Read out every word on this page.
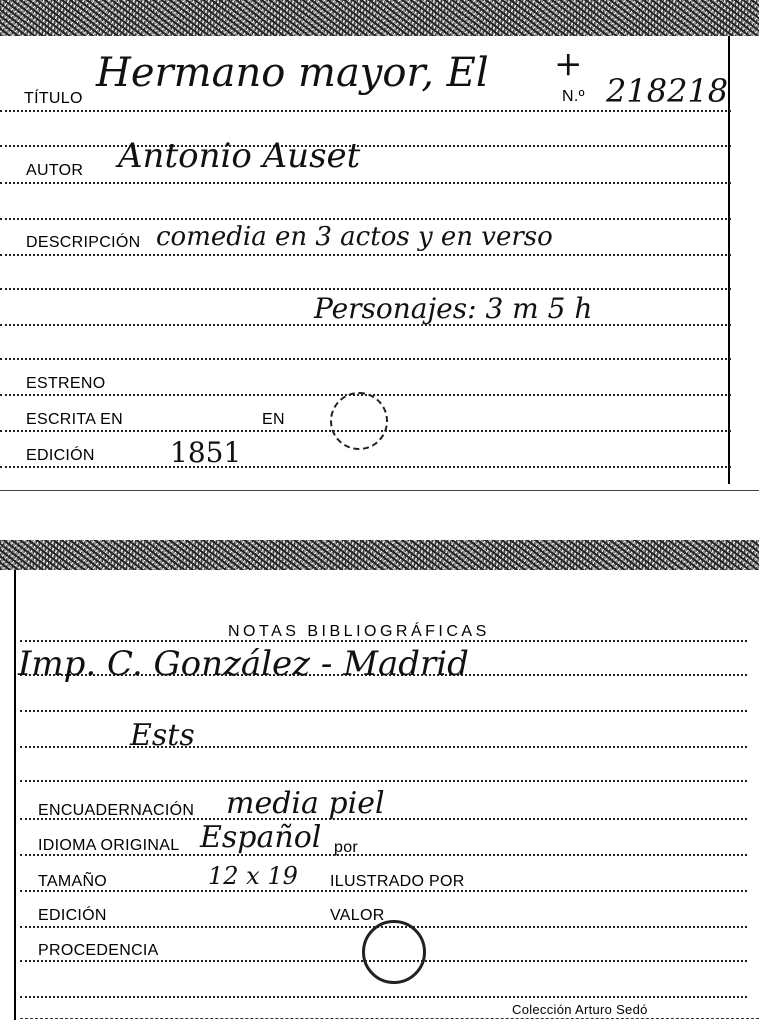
TÍTULO
Hermano mayor, El +
N.º 218218
AUTOR Antonio Auset
DESCRIPCIÓN comedia en 3 actos y en verso
Personajes: 3 m 5 h
ESTRENO
ESCRITA EN	EN
EDICIÓN	1851
NOTAS BIBLIOGRÁFICAS
Imp. C. González - Madrid
Ests
ENCUADERNACIÓN media piel
IDIOMA ORIGINAL Español por
TAMAÑO	12 x 19 ILUSTRADO POR
EDICIÓN	VALOR
PROCEDENCIA
Colección Arturo Sedó
